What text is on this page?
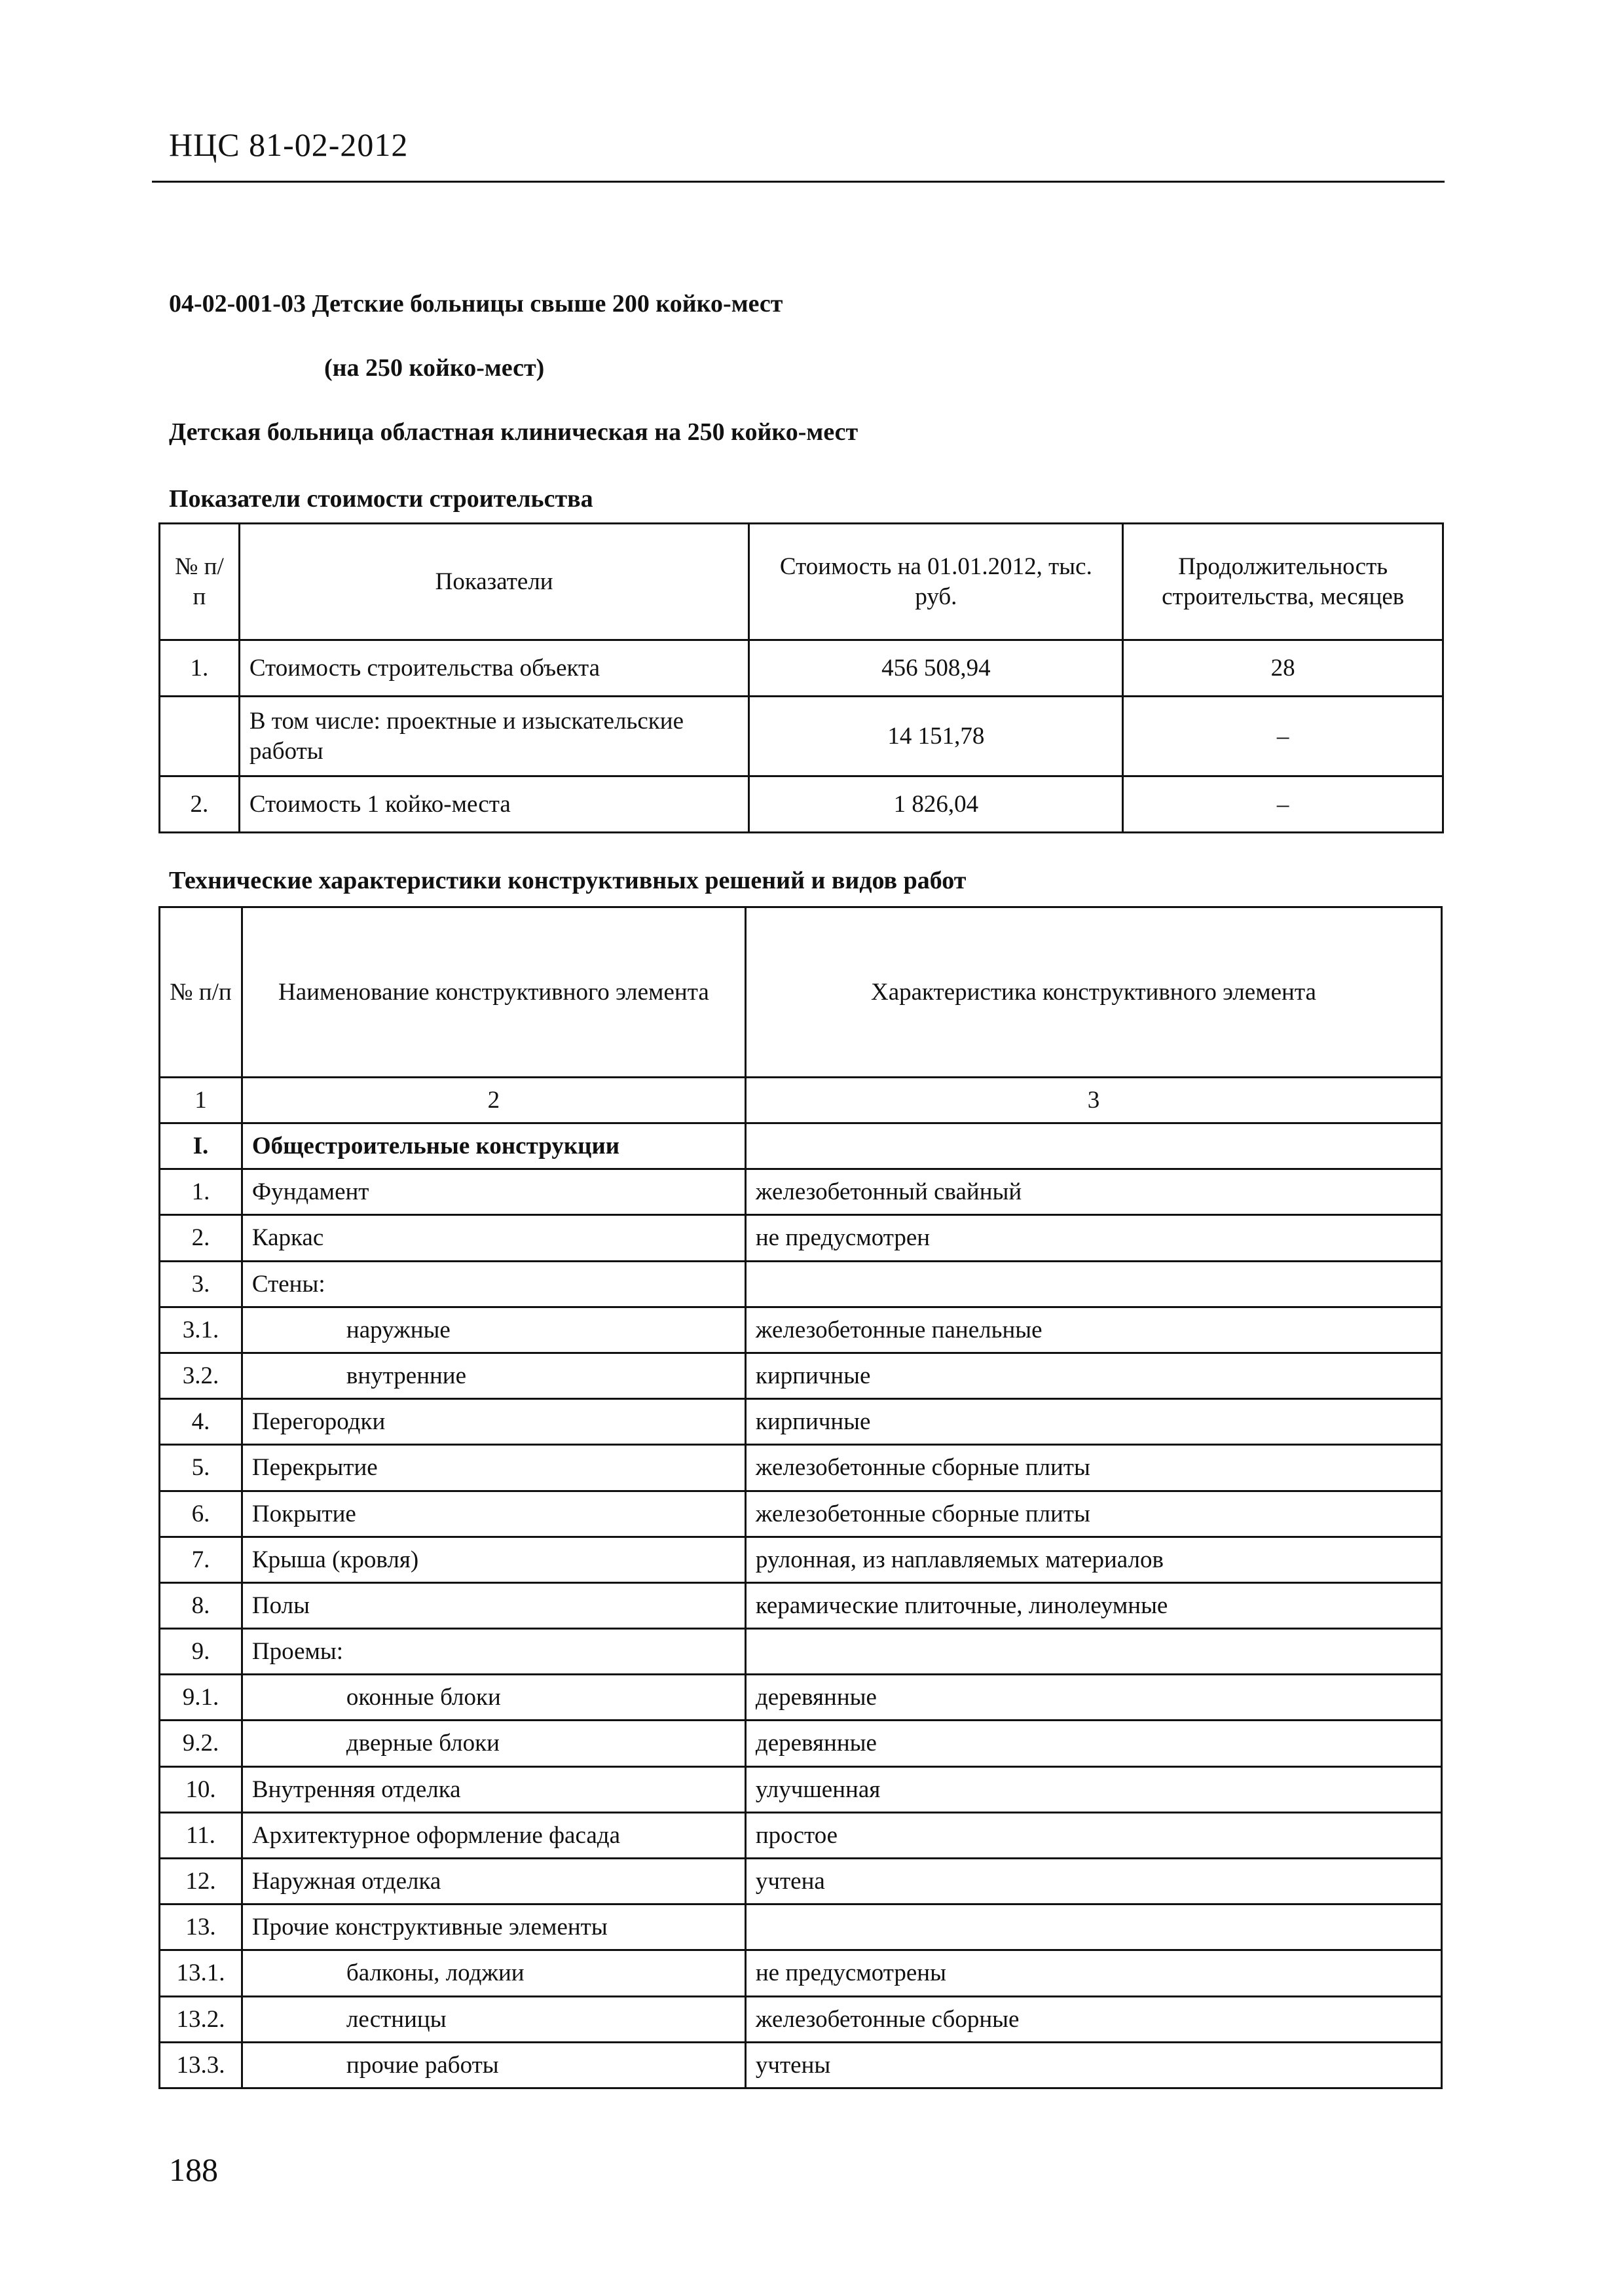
НЦС 81-02-2012
04-02-001-03 Детские больницы свыше 200 койко-мест
(на 250 койко-мест)
Детская больница областная клиническая на 250 койко-мест
Показатели стоимости строительства
№ п/п	Показатели	Стоимость на 01.01.2012, тыс. руб.	Продолжительность строительства, месяцев
1.	Стоимость строительства объекта	456 508,94	28
	В том числе: проектные и изыскательские работы	14 151,78	–
2.	Стоимость 1 койко-места	1 826,04	–
Технические характеристики конструктивных решений и видов работ
№ п/п	Наименование конструктивного элемента	Характеристика конструктивного элемента
1	2	3
I.	Общестроительные конструкции	
1.	Фундамент	железобетонный свайный
2.	Каркас	не предусмотрен
3.	Стены:	
3.1.	наружные	железобетонные панельные
3.2.	внутренние	кирпичные
4.	Перегородки	кирпичные
5.	Перекрытие	железобетонные сборные плиты
6.	Покрытие	железобетонные сборные плиты
7.	Крыша (кровля)	рулонная, из наплавляемых материалов
8.	Полы	керамические плиточные, линолеумные
9.	Проемы:	
9.1.	оконные блоки	деревянные
9.2.	дверные блоки	деревянные
10.	Внутренняя отделка	улучшенная
11.	Архитектурное оформление фасада	простое
12.	Наружная отделка	учтена
13.	Прочие конструктивные элементы	
13.1.	балконы, лоджии	не предусмотрены
13.2.	лестницы	железобетонные сборные
13.3.	прочие работы	учтены
188
